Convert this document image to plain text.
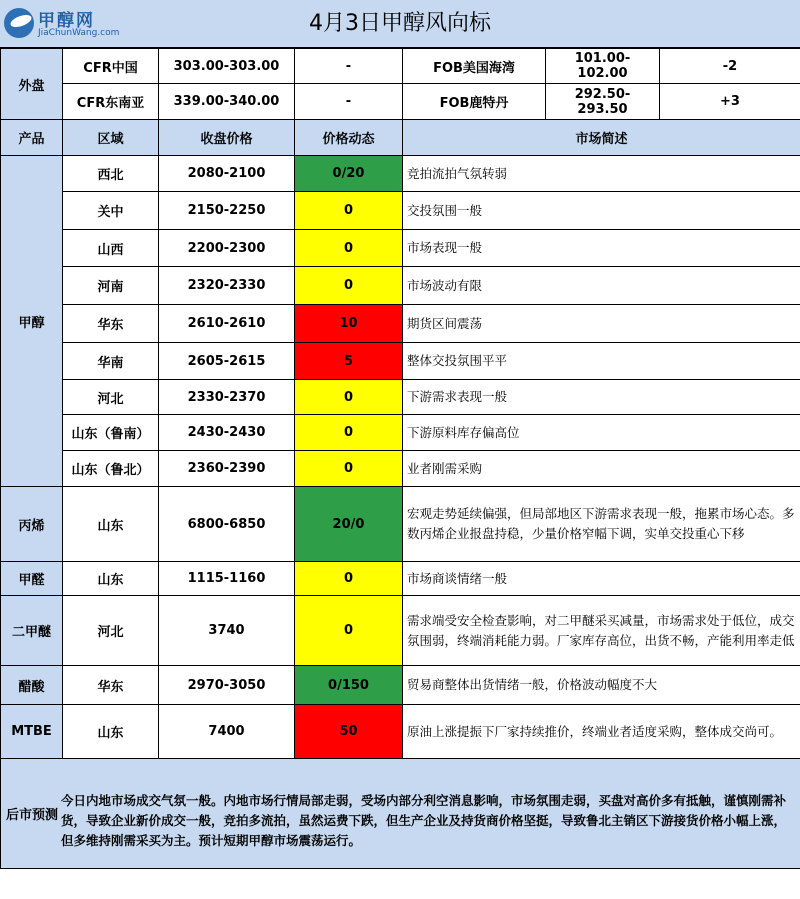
甲醇网
JiaChunWang.com	4月3日甲醇风向标
外盘	CFR中国	303.00-303.00	-	FOB美国海湾	101.00-102.00	-2
	CFR东南亚	339.00-340.00	-	FOB鹿特丹	292.50-293.50	+3
产品	区域	收盘价格	价格动态	市场简述		
甲醇	西北	2080-2100	0/20	竞拍流拍气氛转弱		
	关中	2150-2250	0	交投氛围一般		
	山西	2200-2300	0	市场表现一般		
	河南	2320-2330	0	市场波动有限		
	华东	2610-2610	10	期货区间震荡		
	华南	2605-2615	5	整体交投氛围平平		
	河北	2330-2370	0	下游需求表现一般		
	山东（鲁南）	2430-2430	0	下游原料库存偏高位		
	山东（鲁北）	2360-2390	0	业者刚需采购		
丙烯	山东	6800-6850	20/0	宏观走势延续偏强，但局部地区下游需求表现一般，拖累市场心态。多数丙烯企业报盘持稳，少量价格窄幅下调，实单交投重心下移		
甲醛	山东	1115-1160	0	市场商谈情绪一般		
二甲醚	河北	3740	0	需求端受安全检查影响，对二甲醚采买减量，市场需求处于低位，成交氛围弱，终端消耗能力弱。厂家库存高位，出货不畅，产能利用率走低		
醋酸	华东	2970-3050	0/150	贸易商整体出货情绪一般，价格波动幅度不大		
MTBE	山东	7400	50	原油上涨提振下厂家持续推价，终端业者适度采购，整体成交尚可。		

后市预测
今日内地市场成交气氛一般。内地市场行情局部走弱，受场内部分利空消息影响，市场氛围走弱，买盘对高价多有抵触，谨慎刚需补货，导致企业新价成交一般，竞拍多流拍，虽然运费下跌，但生产企业及持货商价格坚挺，导致鲁北主销区下游接货价格小幅上涨，但多维持刚需采买为主。预计短期甲醇市场震荡运行。						
